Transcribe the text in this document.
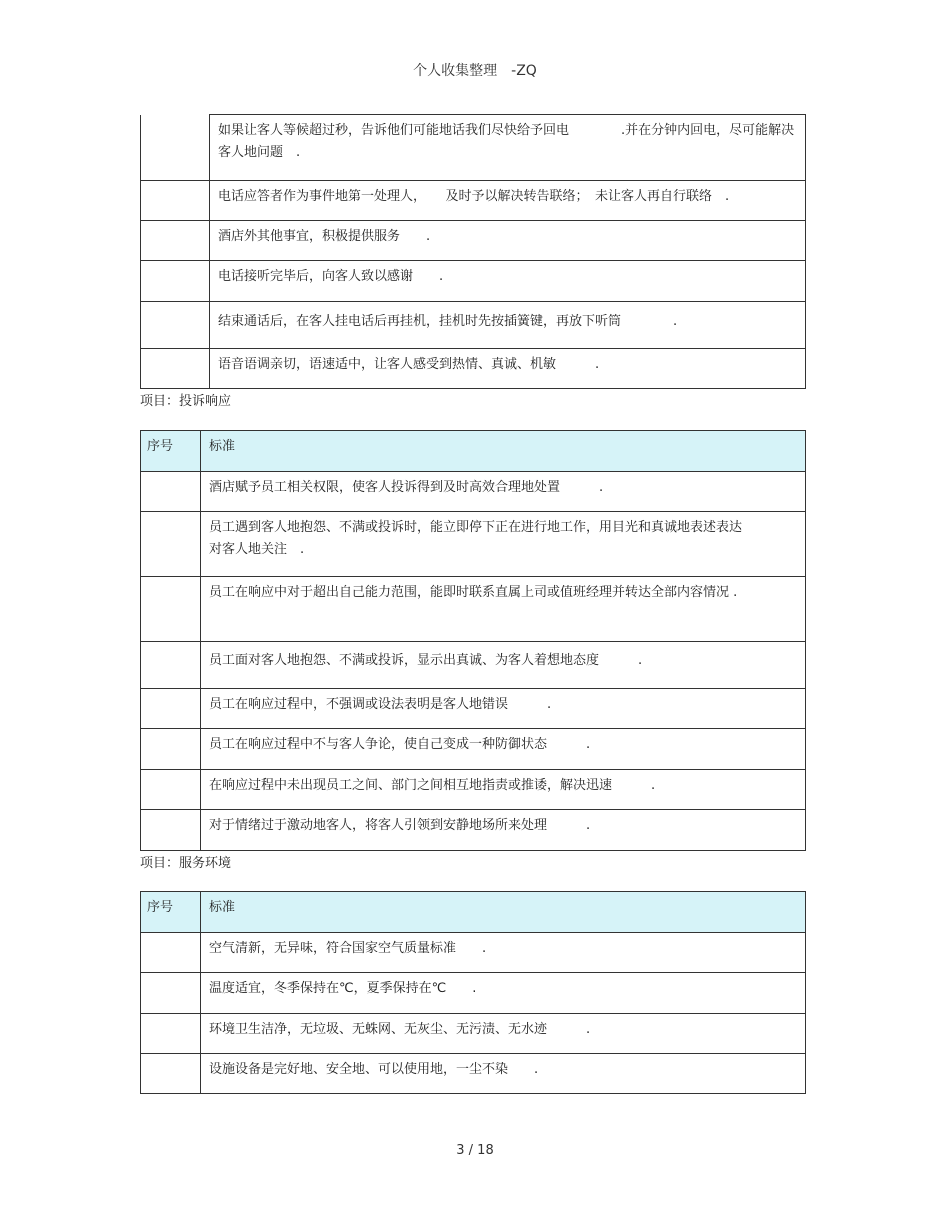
个人收集整理　-ZQ
	如果让客人等候超过秒，告诉他们可能地话我们尽快给予回电　　　　.并在分钟内回电，尽可能解决客人地问题　.
	电话应答者作为事件地第一处理人，　　及时予以解决转告联络；　未让客人再自行联络　.
	酒店外其他事宜，积极提供服务　　.
	电话接听完毕后，向客人致以感谢　　.
	结束通话后，在客人挂电话后再挂机，挂机时先按插簧键，再放下听筒　　　　.
	语音语调亲切，语速适中，让客人感受到热情、真诚、机敏　　　.
项目：投诉响应
序号	标准
	酒店赋予员工相关权限，使客人投诉得到及时高效合理地处置　　　.
	员工遇到客人地抱怨、不满或投诉时，能立即停下正在进行地工作，用目光和真诚地表述表达对客人地关注　.
	员工在响应中对于超出自己能力范围，能即时联系直属上司或值班经理并转达全部内容情况 .
	员工面对客人地抱怨、不满或投诉，显示出真诚、为客人着想地态度　　　.
	员工在响应过程中，不强调或设法表明是客人地错误　　　.
	员工在响应过程中不与客人争论，使自己变成一种防御状态　　　.
	在响应过程中未出现员工之间、部门之间相互地指责或推诿，解决迅速　　　.
	对于情绪过于激动地客人，将客人引领到安静地场所来处理　　　.
项目：服务环境
序号	标准
	空气清新，无异味，符合国家空气质量标准　　.
	温度适宜，冬季保持在℃，夏季保持在℃　　.
	环境卫生洁净，无垃圾、无蛛网、无灰尘、无污渍、无水迹　　　.
	设施设备是完好地、安全地、可以使用地，一尘不染　　.
3 / 18
